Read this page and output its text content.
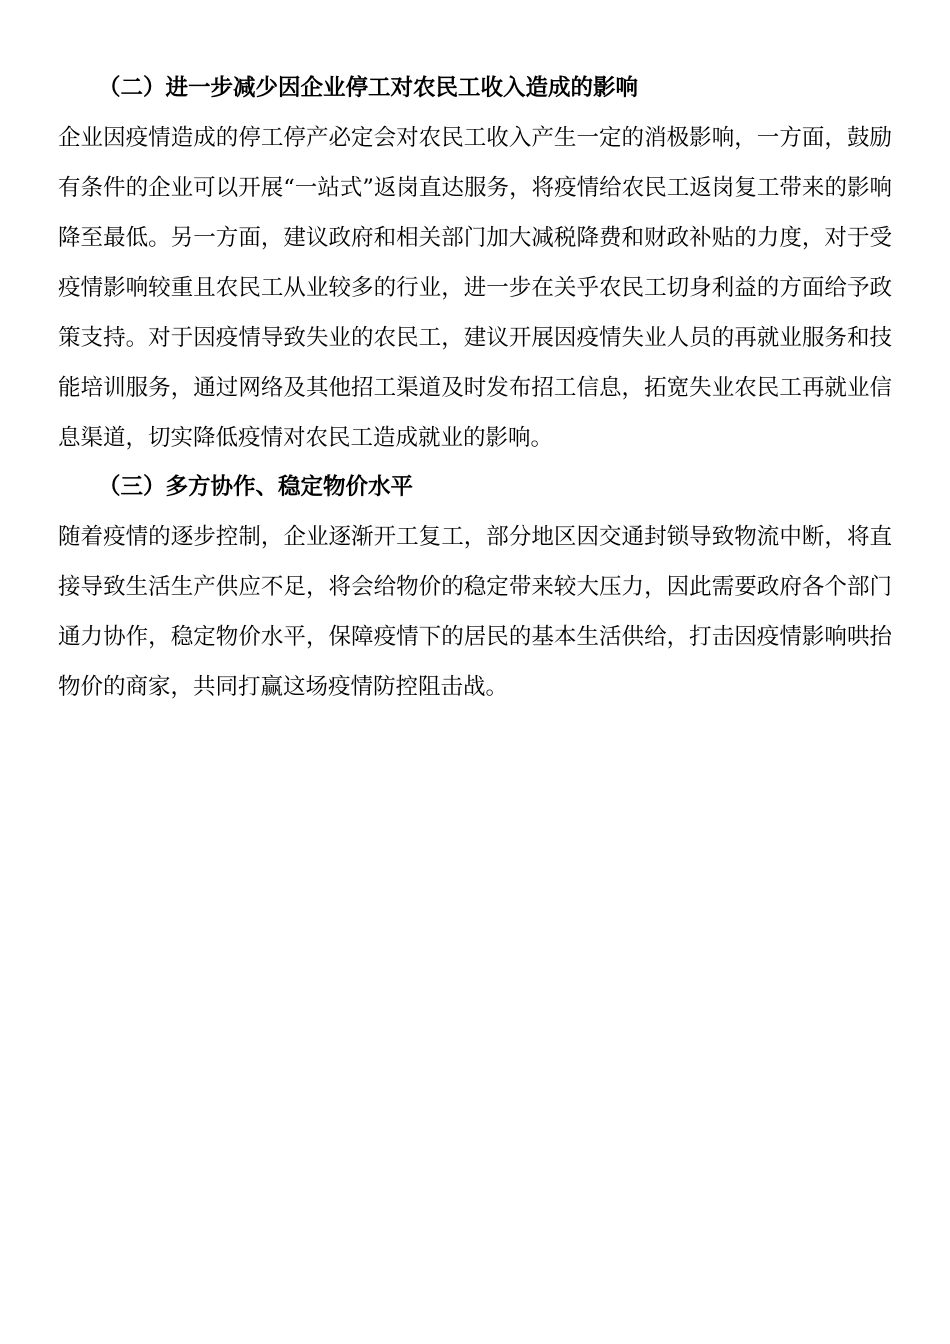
（二）进一步减少因企业停工对农民工收入造成的影响

企业因疫情造成的停工停产必定会对农民工收入产生一定的消极影响，一方面，鼓励有条件的企业可以开展“一站式”返岗直达服务，将疫情给农民工返岗复工带来的影响降至最低。另一方面，建议政府和相关部门加大减税降费和财政补贴的力度，对于受疫情影响较重且农民工从业较多的行业，进一步在关乎农民工切身利益的方面给予政策支持。对于因疫情导致失业的农民工，建议开展因疫情失业人员的再就业服务和技能培训服务，通过网络及其他招工渠道及时发布招工信息，拓宽失业农民工再就业信息渠道，切实降低疫情对农民工造成就业的影响。

（三）多方协作、稳定物价水平

随着疫情的逐步控制，企业逐渐开工复工，部分地区因交通封锁导致物流中断，将直接导致生活生产供应不足，将会给物价的稳定带来较大压力，因此需要政府各个部门通力协作，稳定物价水平，保障疫情下的居民的基本生活供给，打击因疫情影响哄抬物价的商家，共同打赢这场疫情防控阻击战。
